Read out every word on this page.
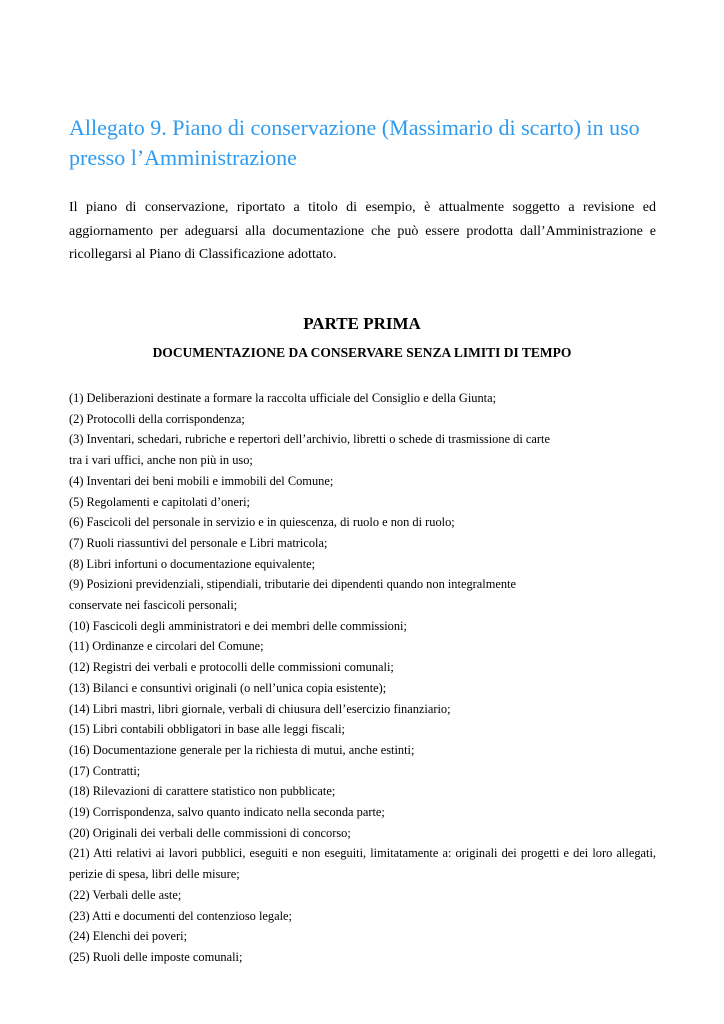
Allegato 9. Piano di conservazione (Massimario di scarto) in uso presso l’Amministrazione

Il piano di conservazione, riportato a titolo di esempio, è attualmente soggetto a revisione ed aggiornamento per adeguarsi alla documentazione che può essere prodotta dall’Amministrazione e ricollegarsi al Piano di Classificazione adottato.

PARTE PRIMA
DOCUMENTAZIONE DA CONSERVARE SENZA LIMITI DI TEMPO
(1) Deliberazioni destinate a formare la raccolta ufficiale del Consiglio e della Giunta;
(2) Protocolli della corrispondenza;
(3) Inventari, schedari, rubriche e repertori dell’archivio, libretti o schede di trasmissione di carte tra i vari uffici, anche non più in uso;
(4) Inventari dei beni mobili e immobili del Comune;
(5) Regolamenti e capitolati d’oneri;
(6) Fascicoli del personale in servizio e in quiescenza, di ruolo e non di ruolo;
(7) Ruoli riassuntivi del personale e Libri matricola;
(8) Libri infortuni o documentazione equivalente;
(9) Posizioni previdenziali, stipendiali, tributarie dei dipendenti quando non integralmente conservate nei fascicoli personali;
(10) Fascicoli degli amministratori e dei membri delle commissioni;
(11) Ordinanze e circolari del Comune;
(12) Registri dei verbali e protocolli delle commissioni comunali;
(13) Bilanci e consuntivi originali (o nell’unica copia esistente);
(14) Libri mastri, libri giornale, verbali di chiusura dell’esercizio finanziario;
(15) Libri contabili obbligatori in base alle leggi fiscali;
(16) Documentazione generale per la richiesta di mutui, anche estinti;
(17) Contratti;
(18) Rilevazioni di carattere statistico non pubblicate;
(19) Corrispondenza, salvo quanto indicato nella seconda parte;
(20) Originali dei verbali delle commissioni di concorso;
(21) Atti relativi ai lavori pubblici, eseguiti e non eseguiti, limitatamente a: originali dei progetti e dei loro allegati, perizie di spesa, libri delle misure;
(22) Verbali delle aste;
(23) Atti e documenti del contenzioso legale;
(24) Elenchi dei poveri;
(25) Ruoli delle imposte comunali;
